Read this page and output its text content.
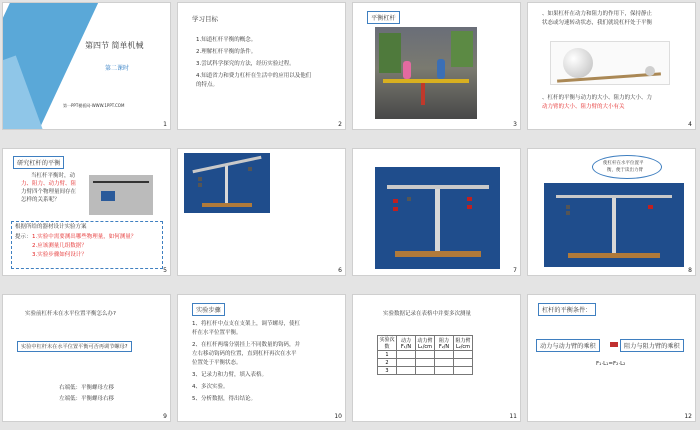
第四节 简单机械
第二课时
第一PPT模板网-WWW.1PPT.COM
1
学习目标
1.知道杠杆平衡的概念。
2.理解杠杆平衡的条件。
3.尝试科学探究的方法，经历实验过程。
4.知道省力和费力杠杆在生活中的应用以及他们
的特点。
2
平衡杠杆
3
、如果杠杆在动力和阻力的作用下，保持静止
状态或匀速转动状态，我们就说杠杆处于平衡
、杠杆的平衡与动力的大小、阻力的大小、力
动力臂的大小、阻力臂的大小有关
4
研究杠杆的平衡
当杠杆平衡时，动
力、阻力、动力臂、阻
力臂四个物理量间存在
怎样的关系呢？
根据所给的器材设计实验方案
提示： 1.实验中需要测出哪些物理量，如何测量？
2.应该测量几组数据？
3.实验步骤如何设计？
5	6	7
使杠杆在水平位置平
衡，便于读出力臂
8
实验前杠杆未在水平位置平衡怎么办?
实验中杠杆未在水平位置平衡可否再调节螺母?
右端低：平衡螺母左移
左端低：平衡螺母右移
9
实验步骤
1、将杠杆中点支在支架上，调节螺母，使杠
杆在水平位置平衡。
2、在杠杆两端分别挂上不同数量的钩码，并
左右移动钩码的位置，直到杠杆再次在水平
位置处于平衡状态。
3、记录力和力臂，填入表格。
4、多次实验。
5、分析数据，得出结论。
10
实验数据记录在表格中并要多次测量
实验次数	动力F₁/N	动力臂L₁/cm	阻力F₂/N	阻力臂L₂/cm
1				
2				
3				
11
杠杆的平衡条件：
动力与动力臂的乘积	阻力与阻力臂的乘积
F₁·L₁=F₂·L₂
12
